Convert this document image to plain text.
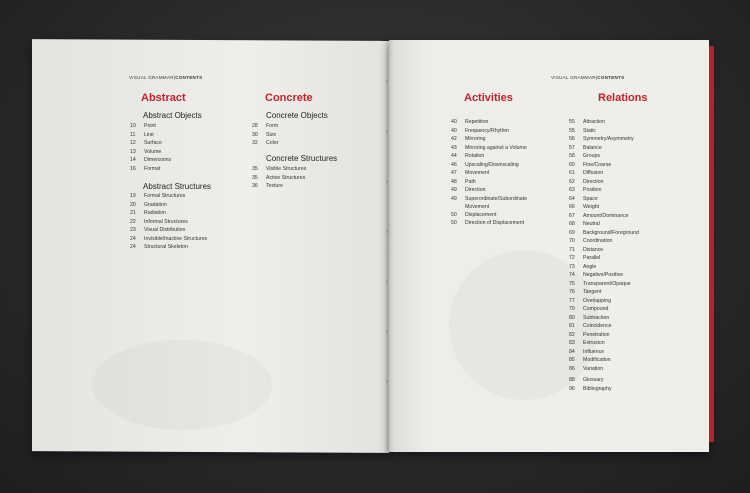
VISUAL GRAMMAR|CONTENTS
Abstract
Abstract Objects
10	Point
11	Line
12	Surface
13	Volume
14	Dimensions
16	Format
Abstract Structures
19	Formal Structures
20	Gradation
21	Radiation
22	Informal Structures
23	Visual Distribution
24	Invisible/Inactive Structures
24	Structural Skeleton
Concrete
Concrete Objects
28	Form
30	Size
32	Color
Concrete Structures
35	Visible Structures
35	Active Structures
36	Texture
VISUAL GRAMMAR|CONTENTS
Activities
40	Repetition
40	Frequency/Rhythm
42	Mirroring
43	Mirroring against a Volume
44	Rotation
46	Upscaling/Downscaling
47	Movement
48	Path
49	Direction
49	Superordinate/Subordinate Movement
50	Displacement
50	Direction of Displacement
Relations
55	Attraction
55	Static
56	Symmetry/Asymmetry
57	Balance
58	Groups
60	Fine/Coarse
61	Diffusion
62	Direction
63	Position
64	Space
66	Weight
67	Amount/Dominance
68	Neutral
69	Background/Foreground
70	Coordination
71	Distance
72	Parallel
73	Angle
74	Negative/Positive
75	Transparent/Opaque
76	Tangent
77	Overlapping
79	Compound
80	Subtraction
81	Coincidence
82	Penetration
83	Extrusion
84	Influence
85	Modification
86	Variation
88	Glossary
96	Bibliography
